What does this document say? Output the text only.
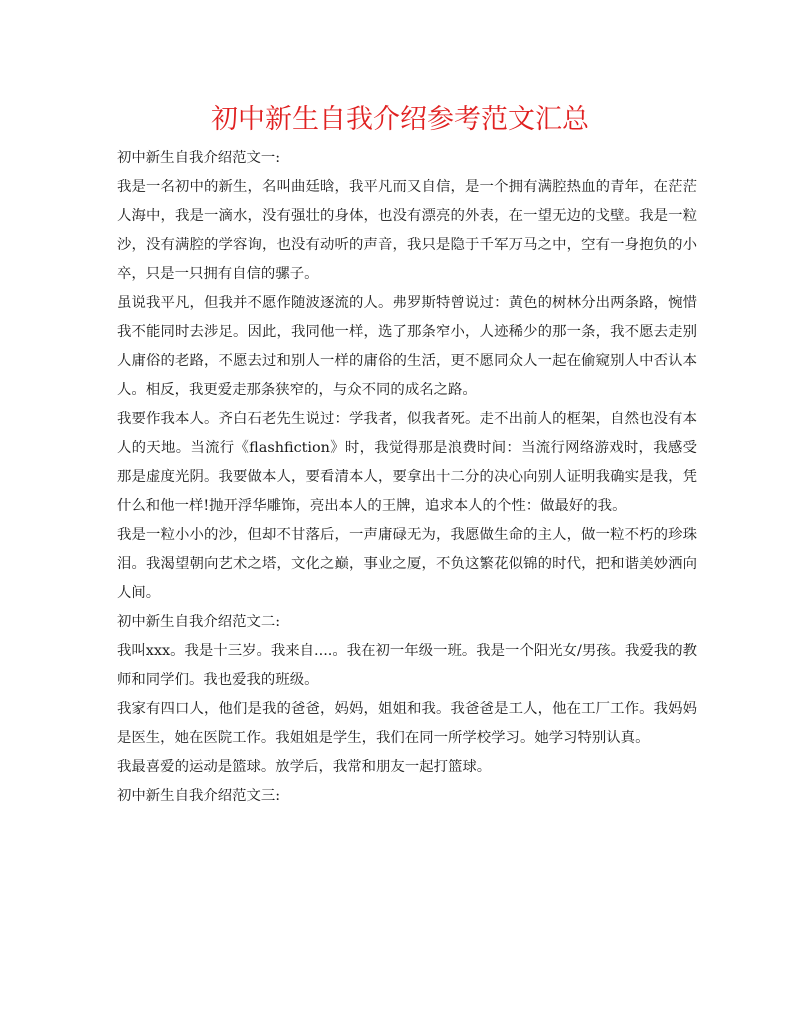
初中新生自我介绍参考范文汇总

初中新生自我介绍范文一:

我是一名初中的新生，名叫曲廷晗，我平凡而又自信，是一个拥有满腔热血的青年，在茫茫人海中，我是一滴水，没有强壮的身体，也没有漂亮的外表，在一望无边的戈壁。我是一粒沙，没有满腔的学容询，也没有动听的声音，我只是隐于千军万马之中，空有一身抱负的小卒，只是一只拥有自信的骡子。

虽说我平凡，但我并不愿作随波逐流的人。弗罗斯特曾说过：黄色的树林分出两条路，惋惜我不能同时去涉足。因此，我同他一样，选了那条窄小，人迹稀少的那一条，我不愿去走别人庸俗的老路，不愿去过和别人一样的庸俗的生活，更不愿同众人一起在偷窥别人中否认本人。相反，我更爱走那条狭窄的，与众不同的成名之路。

我要作我本人。齐白石老先生说过：学我者，似我者死。走不出前人的框架，自然也没有本人的天地。当流行《flashfiction》时，我觉得那是浪费时间：当流行网络游戏时，我感受那是虚度光阴。我要做本人，要看清本人，要拿出十二分的决心向别人证明我确实是我，凭什么和他一样!抛开浮华雕饰，亮出本人的王牌，追求本人的个性：做最好的我。

我是一粒小小的沙，但却不甘落后，一声庸碌无为，我愿做生命的主人，做一粒不朽的珍珠泪。我渴望朝向艺术之塔，文化之巅，事业之厦，不负这繁花似锦的时代，把和谐美妙洒向人间。

初中新生自我介绍范文二:

我叫xxx。我是十三岁。我来自....。我在初一年级一班。我是一个阳光女/男孩。我爱我的教师和同学们。我也爱我的班级。

我家有四口人，他们是我的爸爸，妈妈，姐姐和我。我爸爸是工人，他在工厂工作。我妈妈是医生，她在医院工作。我姐姐是学生，我们在同一所学校学习。她学习特别认真。

我最喜爱的运动是篮球。放学后，我常和朋友一起打篮球。

初中新生自我介绍范文三:
